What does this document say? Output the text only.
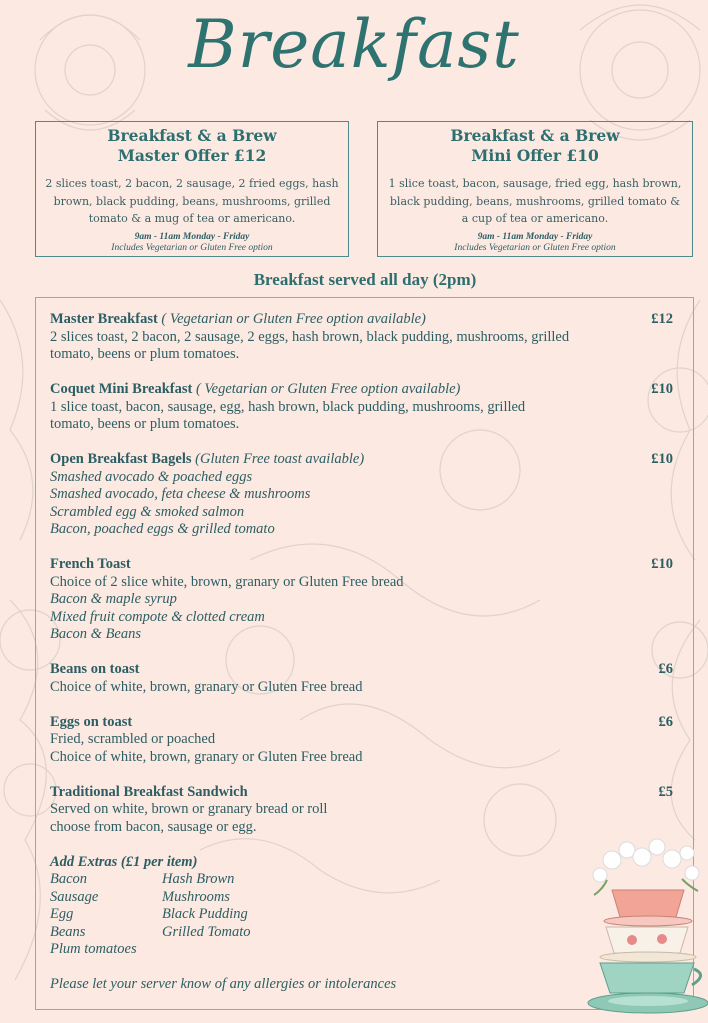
Breakfast
Breakfast & a Brew
Master Offer £12
2 slices toast, 2 bacon, 2 sausage, 2 fried eggs, hash brown, black pudding, beans, mushrooms, grilled tomato & a mug of tea or americano.
9am - 11am Monday - Friday
Includes Vegetarian or Gluten Free option
Breakfast & a Brew
Mini Offer £10
1 slice toast, bacon, sausage, fried egg, hash brown, black pudding, beans, mushrooms, grilled tomato & a cup of tea or americano.
9am - 11am Monday - Friday
Includes Vegetarian or Gluten Free option
Breakfast served all day (2pm)
Master Breakfast ( Vegetarian or Gluten Free option available)	£12
2 slices toast, 2 bacon, 2 sausage, 2 eggs, hash brown, black pudding, mushrooms, grilled
tomato, beens or plum tomatoes.
Coquet Mini Breakfast ( Vegetarian or Gluten Free option available)	£10
1 slice toast, bacon, sausage, egg, hash brown, black pudding, mushrooms, grilled
tomato, beens or plum tomatoes.
Open Breakfast Bagels (Gluten Free toast available)	£10
Smashed avocado & poached eggs
Smashed avocado, feta cheese & mushrooms
Scrambled egg & smoked salmon
Bacon, poached eggs & grilled tomato
French Toast	£10
Choice of 2 slice white, brown, granary or Gluten Free bread
Bacon & maple syrup
Mixed fruit compote & clotted cream
Bacon & Beans
Beans on toast	£6
Choice of white, brown, granary or Gluten Free bread
Eggs on toast	£6
Fried, scrambled or poached
Choice of white, brown, granary or Gluten Free bread
Traditional Breakfast Sandwich	£5
Served on white, brown or granary bread or roll
choose from bacon, sausage or egg.
Add Extras (£1 per item)
Bacon	Hash Brown
Sausage	Mushrooms
Egg	Black Pudding
Beans	Grilled Tomato
Plum tomatoes
Please let your server know of any allergies or intolerances
